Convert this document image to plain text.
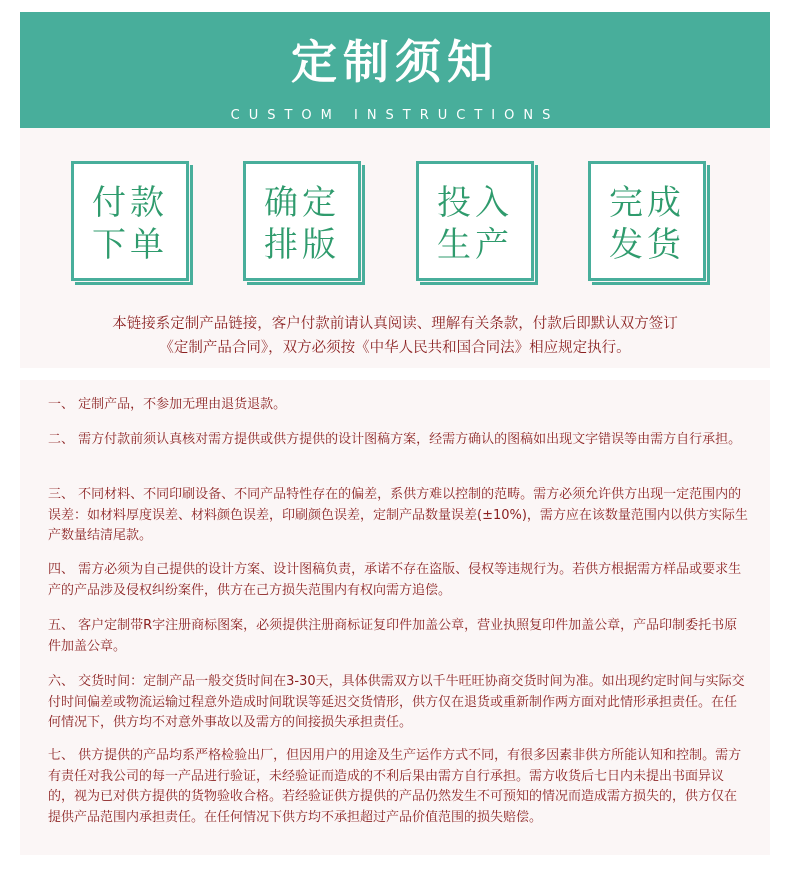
定制须知
CUSTOM INSTRUCTIONS
付款
下单
确定
排版
投入
生产
完成
发货
本链接系定制产品链接，客户付款前请认真阅读、理解有关条款，付款后即默认双方签订
《定制产品合同》，双方必须按《中华人民共和国合同法》相应规定执行。
一、 定制产品，不参加无理由退货退款。
二、 需方付款前须认真核对需方提供或供方提供的设计图稿方案，经需方确认的图稿如出现文字错误等由需方自行承担。
三、 不同材料、不同印刷设备、不同产品特性存在的偏差，系供方难以控制的范畴。需方必须允许供方出现一定范围内的误差：如材料厚度误差、材料颜色误差，印刷颜色误差，定制产品数量误差(±10%)，需方应在该数量范围内以供方实际生产数量结清尾款。
四、 需方必须为自己提供的设计方案、设计图稿负责，承诺不存在盗版、侵权等违规行为。若供方根据需方样品或要求生产的产品涉及侵权纠纷案件，供方在己方损失范围内有权向需方追偿。
五、 客户定制带R字注册商标图案，必须提供注册商标证复印件加盖公章，营业执照复印件加盖公章，产品印制委托书原件加盖公章。
六、 交货时间：定制产品一般交货时间在3-30天，具体供需双方以千牛旺旺协商交货时间为准。如出现约定时间与实际交付时间偏差或物流运输过程意外造成时间耽误等延迟交货情形，供方仅在退货或重新制作两方面对此情形承担责任。在任何情况下，供方均不对意外事故以及需方的间接损失承担责任。
七、 供方提供的产品均系严格检验出厂，但因用户的用途及生产运作方式不同，有很多因素非供方所能认知和控制。需方有责任对我公司的每一产品进行验证，未经验证而造成的不利后果由需方自行承担。需方收货后七日内未提出书面异议的，视为已对供方提供的货物验收合格。若经验证供方提供的产品仍然发生不可预知的情况而造成需方损失的，供方仅在提供产品范围内承担责任。在任何情况下供方均不承担超过产品价值范围的损失赔偿。
